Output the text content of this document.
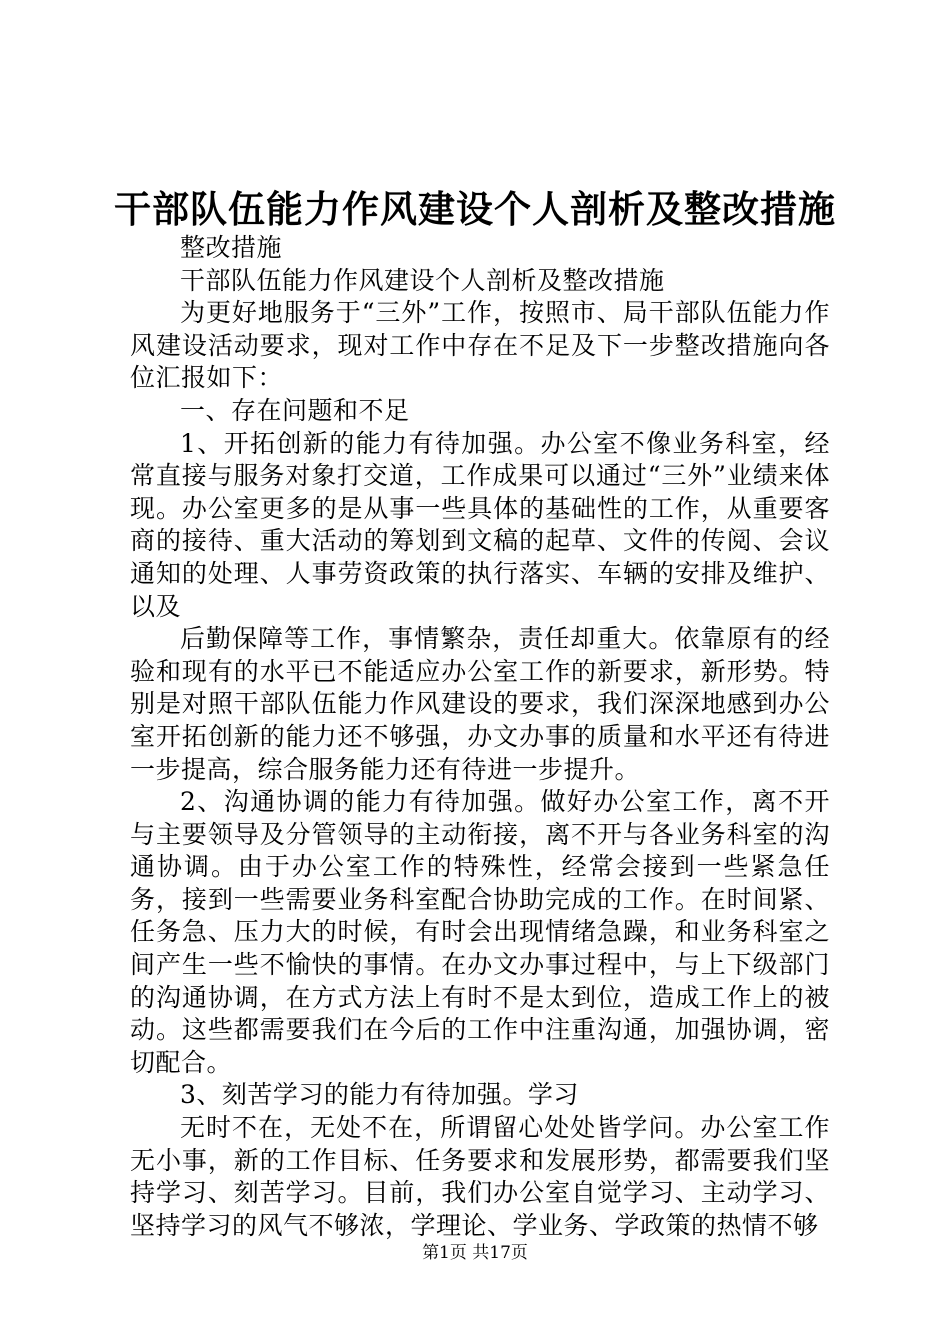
干部队伍能力作风建设个人剖析及整改措施

整改措施

干部队伍能力作风建设个人剖析及整改措施

为更好地服务于“三外”工作，按照市、局干部队伍能力作风建设活动要求，现对工作中存在不足及下一步整改措施向各位汇报如下：

一、存在问题和不足

1、开拓创新的能力有待加强。办公室不像业务科室，经常直接与服务对象打交道，工作成果可以通过“三外”业绩来体现。办公室更多的是从事一些具体的基础性的工作，从重要客商的接待、重大活动的筹划到文稿的起草、文件的传阅、会议通知的处理、人事劳资政策的执行落实、车辆的安排及维护、以及

后勤保障等工作，事情繁杂，责任却重大。依靠原有的经验和现有的水平已不能适应办公室工作的新要求，新形势。特别是对照干部队伍能力作风建设的要求，我们深深地感到办公室开拓创新的能力还不够强，办文办事的质量和水平还有待进一步提高，综合服务能力还有待进一步提升。

2、沟通协调的能力有待加强。做好办公室工作，离不开与主要领导及分管领导的主动衔接，离不开与各业务科室的沟通协调。由于办公室工作的特殊性，经常会接到一些紧急任务，接到一些需要业务科室配合协助完成的工作。在时间紧、任务急、压力大的时候，有时会出现情绪急躁，和业务科室之间产生一些不愉快的事情。在办文办事过程中，与上下级部门的沟通协调，在方式方法上有时不是太到位，造成工作上的被动。这些都需要我们在今后的工作中注重沟通，加强协调，密切配合。

3、刻苦学习的能力有待加强。学习

无时不在，无处不在，所谓留心处处皆学问。办公室工作无小事，新的工作目标、任务要求和发展形势，都需要我们坚持学习、刻苦学习。目前，我们办公室自觉学习、主动学习、坚持学习的风气不够浓，学理论、学业务、学政策的热情不够

第1页 共17页
